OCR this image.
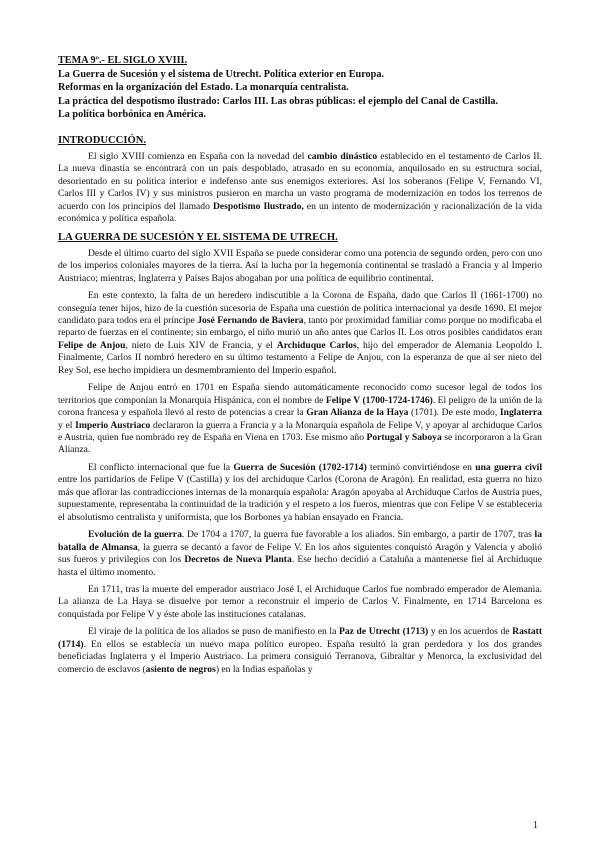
TEMA 9º.- EL SIGLO XVIII.
La Guerra de Sucesión y el sistema de Utrecht. Política exterior en Europa.
Reformas en la organización del Estado. La monarquía centralista.
La práctica del despotismo ilustrado: Carlos III. Las obras públicas: el ejemplo del Canal de Castilla.
La política borbónica en América.
INTRODUCCIÓN.

El siglo XVIII comienza en España con la novedad del cambio dinástico establecido en el testamento de Carlos II. La nueva dinastía se encontrará con un país despoblado, atrasado en su economía, anquilosado en su estructura social, desorientado en su política interior e indefenso ante sus enemigos exteriores. Así los soberanos (Felipe V, Fernando VI, Carlos III y Carlos IV) y sus ministros pusieron en marcha un vasto programa de modernización en todos los terrenos de acuerdo con los principios del llamado Despotismo Ilustrado, en un intento de modernización y racionalización de la vida económica y política española.

LA GUERRA DE SUCESIÓN Y EL SISTEMA DE UTRECH.

Desde el último cuarto del siglo XVII España se puede considerar como una potencia de segundo orden, pero con uno de los imperios coloniales mayores de la tierra. Así la lucha por la hegemonía continental se trasladó a Francia y al Imperio Austriaco; mientras, Inglaterra y Países Bajos abogaban por una política de equilibrio continental.

En este contexto, la falta de un heredero indiscutible a la Corona de España, dado que Carlos II (1661-1700) no conseguía tener hijos, hizo de la cuestión sucesoria de España una cuestión de política internacional ya desde 1690. El mejor candidato para todos era el príncipe José Fernando de Baviera, tanto por proximidad familiar como porque no modificaba el reparto de fuerzas en el continente; sin embargo, el niño murió un año antes que Carlos II. Los otros posibles candidatos eran Felipe de Anjou, nieto de Luis XIV de Francia, y el Archiduque Carlos, hijo del emperador de Alemania Leopoldo I. Finalmente, Carlos II nombró heredero en su último testamento a Felipe de Anjou, con la esperanza de que al ser nieto del Rey Sol, ese hecho impidiera un desmembramiento del Imperio español.

Felipe de Anjou entró en 1701 en España siendo automáticamente reconocido como sucesor legal de todos los territorios que componían la Monarquía Hispánica, con el nombre de Felipe V (1700-1724-1746). El peligro de la unión de la corona francesa y española llevó al resto de potencias a crear la Gran Alianza de la Haya (1701). De este modo, Inglaterra y el Imperio Austriaco declararon la guerra a Francia y a la Monarquía española de Felipe V, y apoyar al archiduque Carlos e Austria, quien fue nombrado rey de España en Viena en 1703. Ese mismo año Portugal y Saboya se incorporaron a la Gran Alianza.

El conflicto internacional que fue la Guerra de Sucesión (1702-1714) terminó convirtiéndose en una guerra civil entre los partidarios de Felipe V (Castilla) y los del archiduque Carlos (Corona de Aragón). En realidad, esta guerra no hizo más que aflorar las contradicciones internas de la monarquía española: Aragón apoyaba al Archiduque Carlos de Austria pues, supuestamente, representaba la continuidad de la tradición y el respeto a los fueros, mientras que con Felipe V se establecería el absolutismo centralista y uniformista, que los Borbones ya habían ensayado en Francia.

Evolución de la guerra. De 1704 a 1707, la guerra fue favorable a los aliados. Sin embargo, a partir de 1707, tras la batalla de Almansa, la guerra se decantó a favor de Felipe V. En los años siguientes conquistó Aragón y Valencia y abolió sus fueros y privilegios con los Decretos de Nueva Planta. Ese hecho decidió a Cataluña a mantenerse fiel al Archiduque hasta el último momento.

En 1711, tras la muerte del emperador austriaco José I, el Archiduque Carlos fue nombrado emperador de Alemania. La alianza de La Haya se disuelve por temor a reconstruir el imperio de Carlos V. Finalmente, en 1714 Barcelona es conquistada por Felipe V y éste abole las instituciones catalanas.

El viraje de la política de los aliados se puso de manifiesto en la Paz de Utrecht (1713) y en los acuerdos de Rastatt (1714). En ellos se establecía un nuevo mapa político europeo. España resultó la gran perdedora y los dos grandes beneficiadas Inglaterra y el Imperio Austriaco. La primera consiguió Terranova, Gibraltar y Menorca, la exclusividad del comercio de esclavos (asiento de negros) en la Indias españolas y

1
